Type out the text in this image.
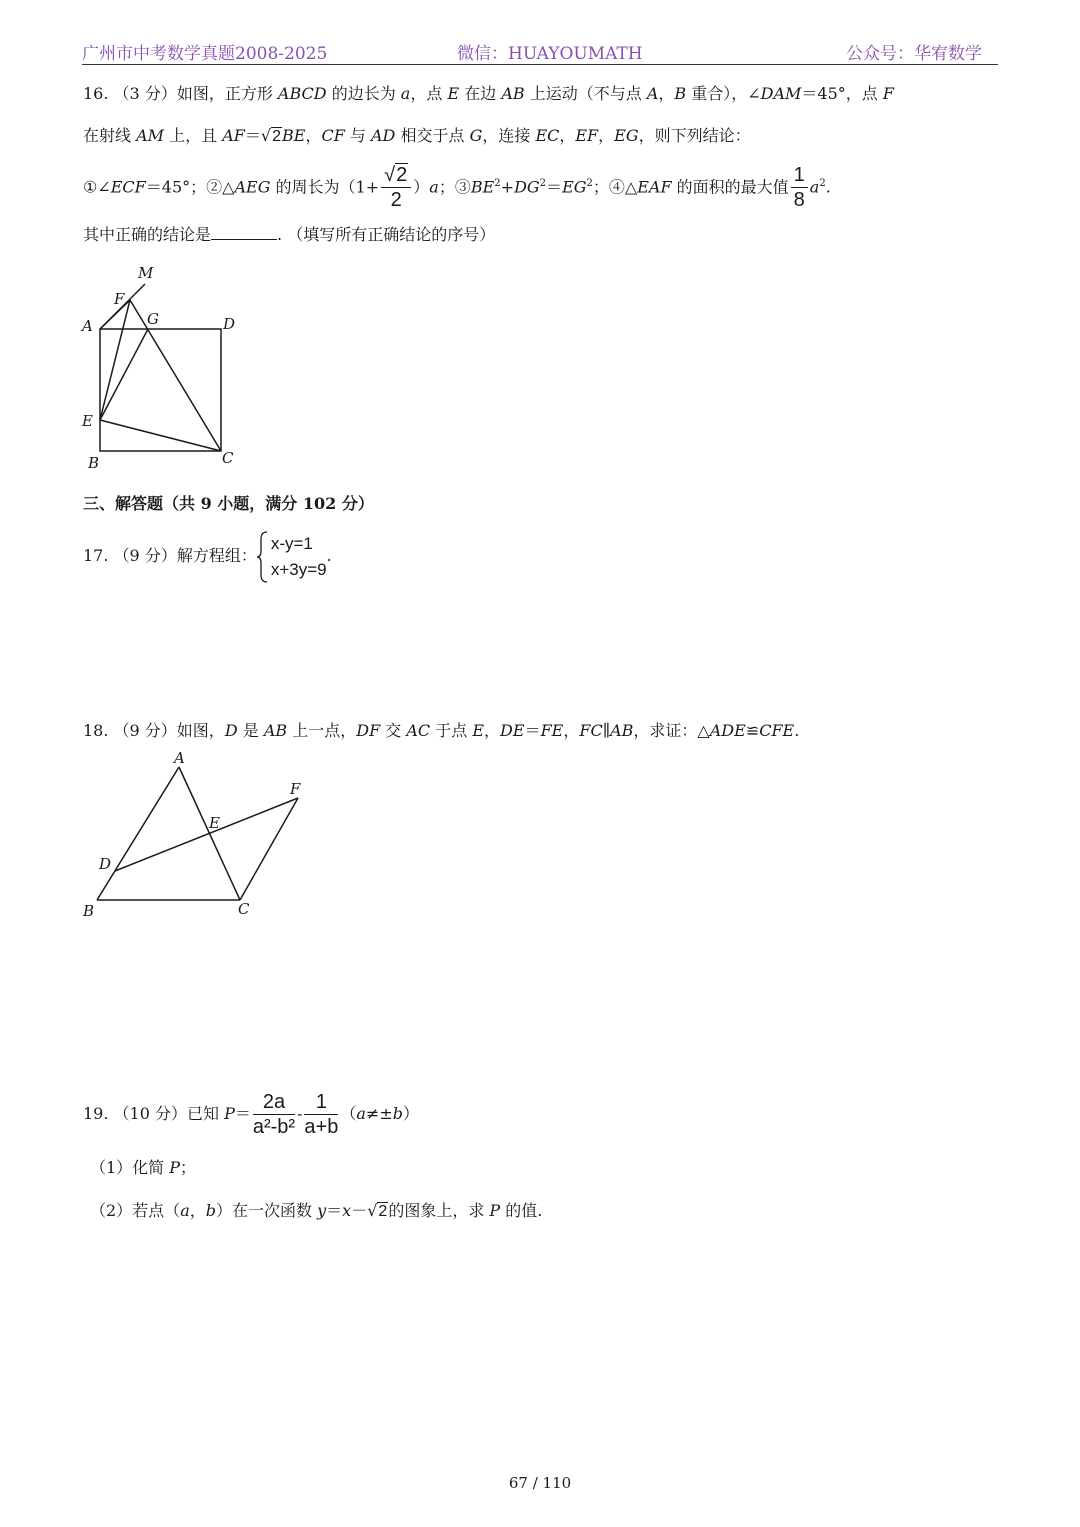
广州市中考数学真题2008-2025	微信：HUAYOUMATH	公众号：华宥数学
16. （3 分）如图，正方形 ABCD 的边长为 a，点 E 在边 AB 上运动（不与点 A，B 重合），∠DAM＝45°，点 F
在射线 AM 上，且 AF＝√2BE，CF 与 AD 相交于点 G，连接 EC，EF，EG，则下列结论：
①∠ECF＝45°；②△AEG 的周长为$(1+ \frac{√2}{2} )a$；$③BE^2+DG^2=EG^2$；④△EAF 的面积的最大值 $\frac{1}{8} a^2$.
其中正确的结论是	. （填写所有正确结论的序号）
M
F
A	G	D
E
B	C
三、解答题（共 9 小题，满分 102 分）
17. （9 分）解方程组：
x-y=1
x+3y=9
.
18. （9 分）如图，D 是 AB 上一点，DF 交 AC 于点 E，DE＝FE，FC∥AB，求证：△ADE≌CFE.
A
F
E
D
B	C
19. （10 分）已知 $P= \frac{2a}{\text{a²-b²}} - \frac{1}{a+b} (a\ne\pm b)$
（1）化简 P；
（2）若点（a，b）在一次函数 y＝x－√2的图象上，求 P 的值.
67 / 110
